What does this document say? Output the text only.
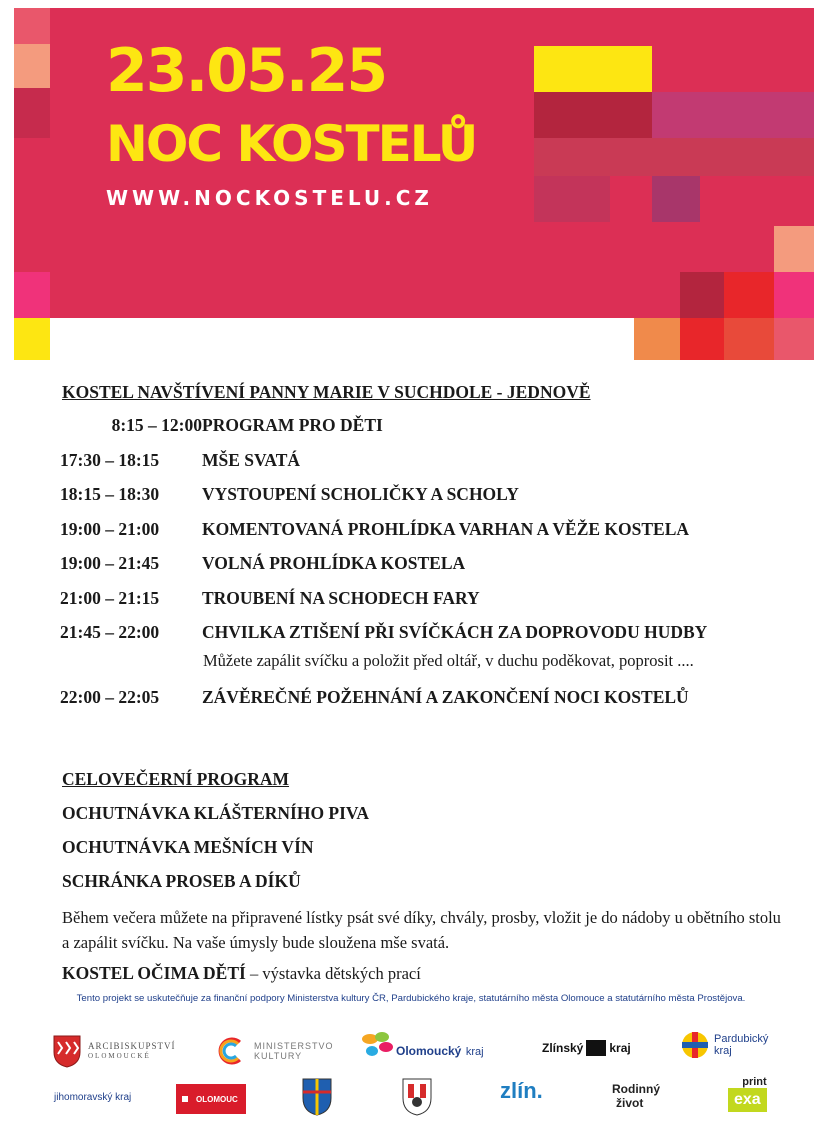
23.05.25
NOC KOSTELŮ
WWW.NOCKOSTELU.CZ
KOSTEL NAVŠTÍVENÍ PANNY MARIE V SUCHDOLE - JEDNOVĚ
8:15 – 12:00 PROGRAM PRO DĚTI
17:30 – 18:15	MŠE SVATÁ
18:15 – 18:30	VYSTOUPENÍ SCHOLIČKY A SCHOLY
19:00 – 21:00	KOMENTOVANÁ PROHLÍDKA VARHAN A VĚŽE KOSTELA
19:00 – 21:45	VOLNÁ PROHLÍDKA KOSTELA
21:00 – 21:15	TROUBENÍ NA SCHODECH FARY
21:45 – 22:00	CHVILKA ZTIŠENÍ PŘI SVÍČKÁCH ZA DOPROVODU HUDBY
Můžete zapálit svíčku a položit před oltář, v duchu poděkovat, poprosit ....
22:00 – 22:05	ZÁVĚREČNÉ POŽEHNÁNÍ A ZAKONČENÍ NOCI KOSTELŮ
CELOVEČERNÍ PROGRAM
OCHUTNÁVKA KLÁŠTERNÍHO PIVA
OCHUTNÁVKA MEŠNÍCH VÍN
SCHRÁNKA PROSEB A DÍKŮ
Během večera můžete na připravené lístky psát své díky, chvály, prosby, vložit je do nádoby u obětního stolu a zapálit svíčku. Na vaše úmysly bude sloužena mše svatá.
KOSTEL OČIMA DĚTÍ – výstavka dětských prací
Tento projekt se uskutečňuje za finanční podpory Ministerstva kultury ČR, Pardubického kraje, statutárního města Olomouce a statutárního města Prostějova.
ARCIBISKUPSTVÍ
OLOMOUCKÉ
MINISTERSTVO
KULTURY	Olomoucký kraj	Zlínský kraj
Pardubický
kraj
jihomoravský kraj	OLOMOUC	zlín.	Rodinný
život
print
exa
